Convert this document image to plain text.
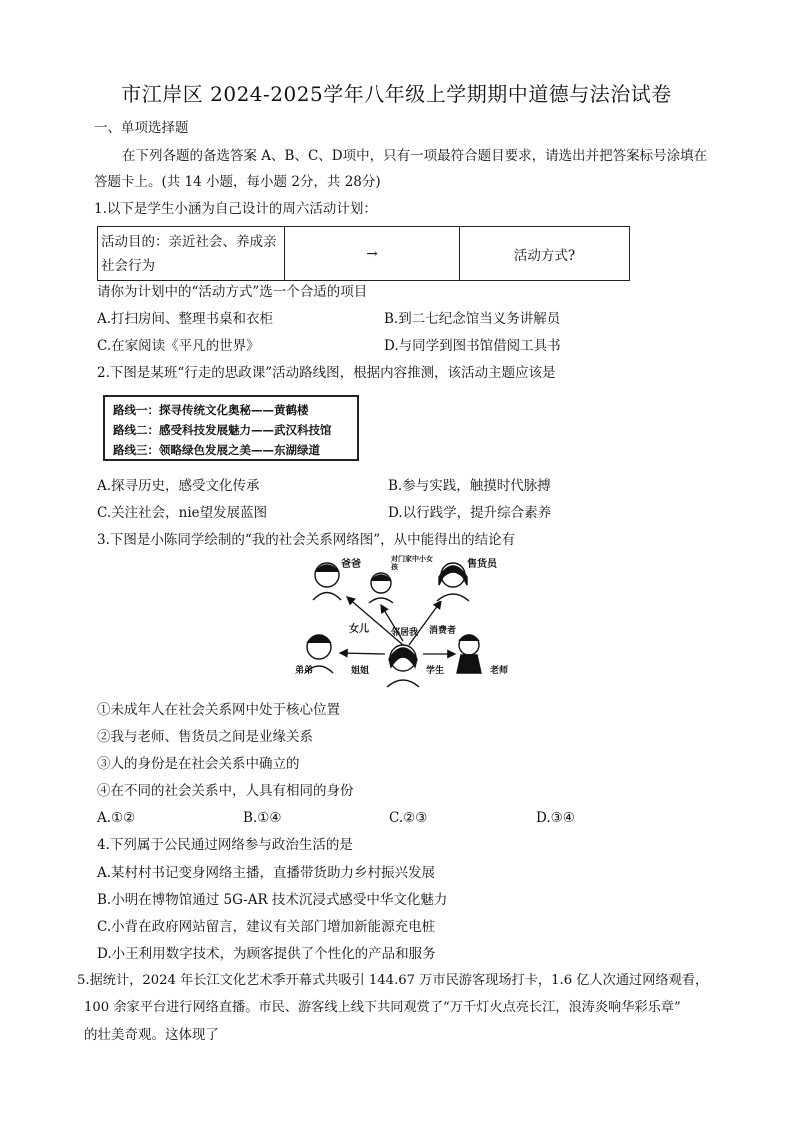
市江岸区 2024-2025学年八年级上学期期中道德与法治试卷
一、单项选择题
在下列各题的备选答案 A、B、C、D项中，只有一项最符合题目要求，请选出并把答案标号涂填在
答题卡上。(共 14 小题，每小题 2分，共 28分)
1.以下是学生小涵为自己设计的周六活动计划：
活动目的：亲近社会、养成亲
社会行为
	→	活动方式?
请你为计划中的“活动方式”选一个合适的项目
A.打扫房间、整理书桌和衣柜	B.到二七纪念馆当义务讲解员
C.在家阅读《平凡的世界》	D.与同学到图书馆借阅工具书
2.下图是某班“行走的思政课”活动路线图，根据内容推测，该活动主题应该是
路线一：探寻传统文化奥秘——黄鹤楼
路线二：感受科技发展魅力——武汉科技馆
路线三：领略绿色发展之美——东湖绿道
A.探寻历史，感受文化传承	B.参与实践，触摸时代脉搏
C.关注社会，nie望发展蓝图	D.以行践学，提升综合素养
3.下图是小陈同学绘制的“我的社会关系网络图”，从中能得出的结论有
爸爸	售货员
女儿 邻居我 消费者
弟弟	姐姐	学生	老师
对门家中小女孩
①未成年人在社会关系网中处于核心位置
②我与老师、售货员之间是业缘关系
③人的身份是在社会关系中确立的
④在不同的社会关系中，人具有相同的身份
A.①②	B.①④	C.②③	D.③④
4.下列属于公民通过网络参与政治生活的是
A.某村村书记变身网络主播，直播带货助力乡村振兴发展
B.小明在博物馆通过 5G-AR 技术沉浸式感受中华文化魅力
C.小背在政府网站留言，建议有关部门增加新能源充电桩
D.小王利用数字技术，为顾客提供了个性化的产品和服务
5.据统计，2024 年长江文化艺术季开幕式共吸引 144.67 万市民游客现场打卡，1.6 亿人次通过网络观看，
100 余家平台进行网络直播。市民、游客线上线下共同观赏了“万千灯火点亮长江，浪涛炎响华彩乐章”
的壮美奇观。这体现了
